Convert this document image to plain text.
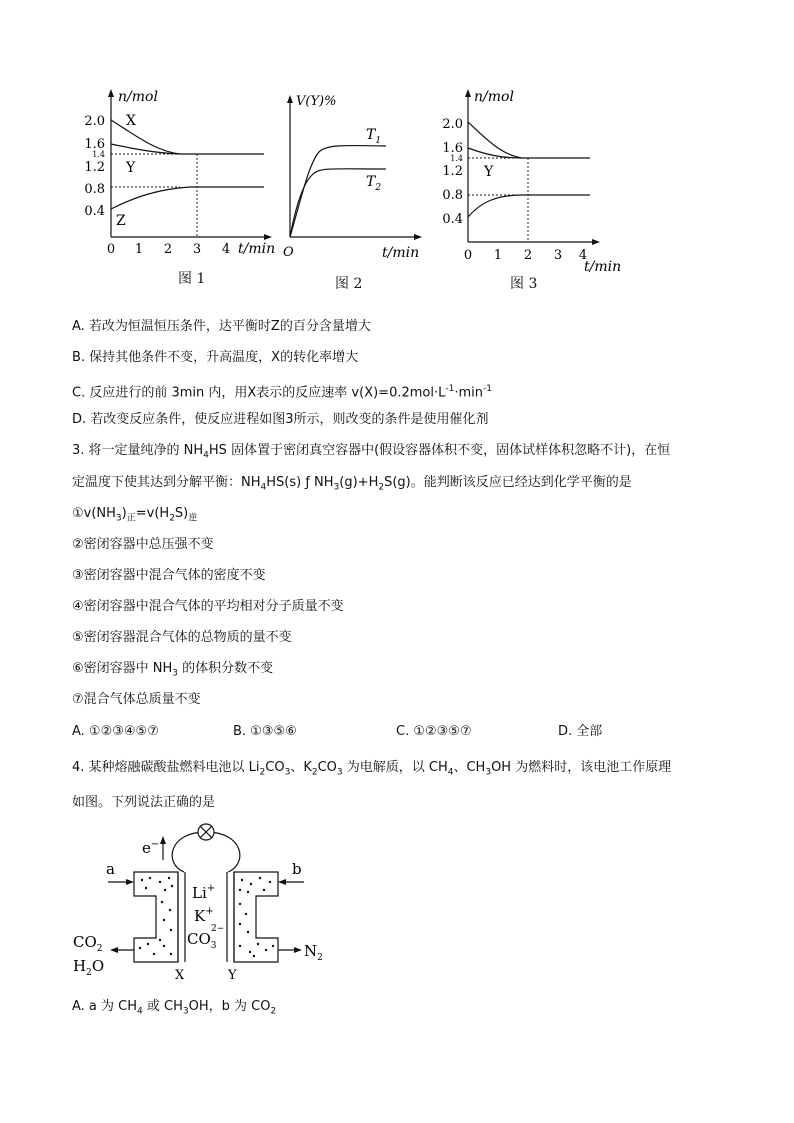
n/mol
2.0
1.6
1.4
1.2
0.8
0.4
0 1 2 3 4 t/min
X
Y
Z
图 1
V(Y)%
O	t/min
$T_1$
$T_2$
图 2
n/mol
2.0
1.6
1.4
1.2
0.8
0.4
0 1 2 3 4
t/min
Y
图 3
A. 若改为恒温恒压条件，达平衡时Z的百分含量增大
B. 保持其他条件不变，升高温度，X的转化率增大
C. 反应进行的前 3min 内，用X表示的反应速率 $v(X)=0.2mol\cdot L^{-1}\cdot\min^{-1}$
D. 若改变反应条件，使反应进程如图3所示，则改变的条件是使用催化剂
3. 将一定量纯净的 $NH_4HS$ 固体置于密闭真空容器中(假设容器体积不变，固体试样体积忽略不计)，在恒
定温度下使其达到分解平衡：$NH_4HS(s)$ ƒ $NH_3(g)+H_2S(g)$。能判断该反应已经达到化学平衡的是
$①v(NH_3)_正=v(H_2S)_逆$
②密闭容器中总压强不变
③密闭容器中混合气体的密度不变
④密闭容器中混合气体的平均相对分子质量不变
⑤密闭容器混合气体的总物质的量不变
⑥密闭容器中 $NH_3$ 的体积分数不变
⑦混合气体总质量不变
A. ①②③④⑤⑦	B. ①③⑤⑥	C. ①②③⑤⑦	D. 全部
4. 某种熔融碳酸盐燃料电池以 $Li_2CO_3$、$K_2CO_3$ 为电解质，以 $CH_4$、$CH_3OH$ 为燃料时，该电池工作原理
如图。下列说法正确的是
e−
a	b
Li+
K+
$CO_3$
2−
$CO_2$
$H_2O$
$N_2$
X	Y
A. a 为 $CH_4$ 或 $CH_3OH$，b 为 $CO_2$
